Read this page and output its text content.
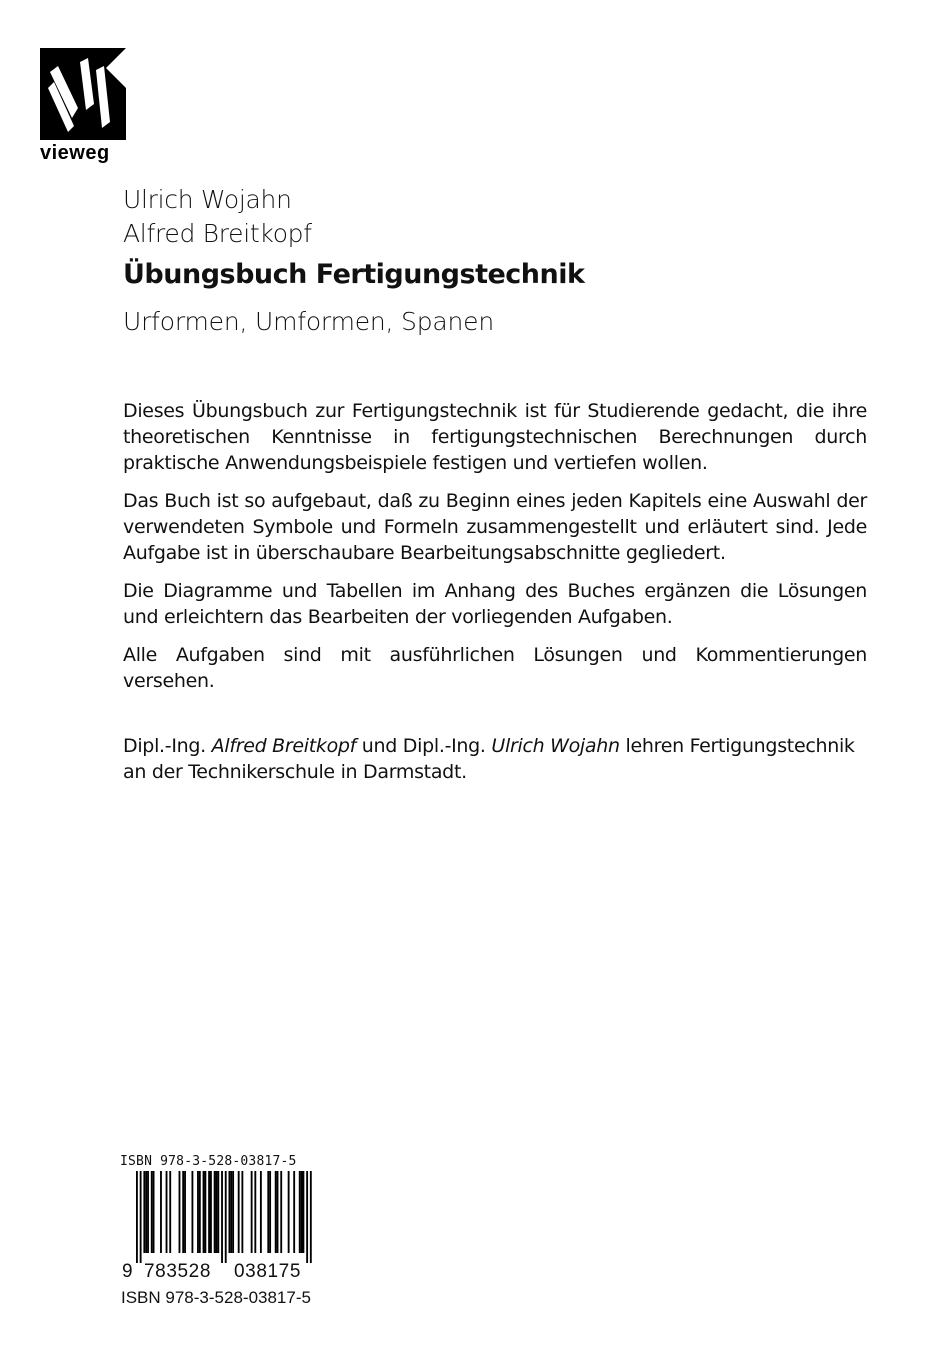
vieweg
Ulrich Wojahn
Alfred Breitkopf
Übungsbuch Fertigungstechnik
Urformen, Umformen, Spanen

Dieses Übungsbuch zur Fertigungstechnik ist für Studierende gedacht, die ihre theoretischen Kenntnisse in fertigungstechnischen Berechnungen durch praktische Anwendungsbeispiele festigen und vertiefen wollen.

Das Buch ist so aufgebaut, daß zu Beginn eines jeden Kapitels eine Auswahl der verwendeten Symbole und Formeln zusammengestellt und erläutert sind. Jede Aufgabe ist in überschaubare Bearbeitungsabschnitte gegliedert.

Die Diagramme und Tabellen im Anhang des Buches ergänzen die Lösungen und erleichtern das Bearbeiten der vorliegenden Aufgaben.

Alle Aufgaben sind mit ausführlichen Lösungen und Kommentierungen versehen.

Dipl.-Ing. Alfred Breitkopf und Dipl.-Ing. Ulrich Wojahn lehren Fertigungstechnik an der Technikerschule in Darmstadt.

ISBN 978-3-528-03817-5
9 783528 038175
ISBN 978-3-528-03817-5
